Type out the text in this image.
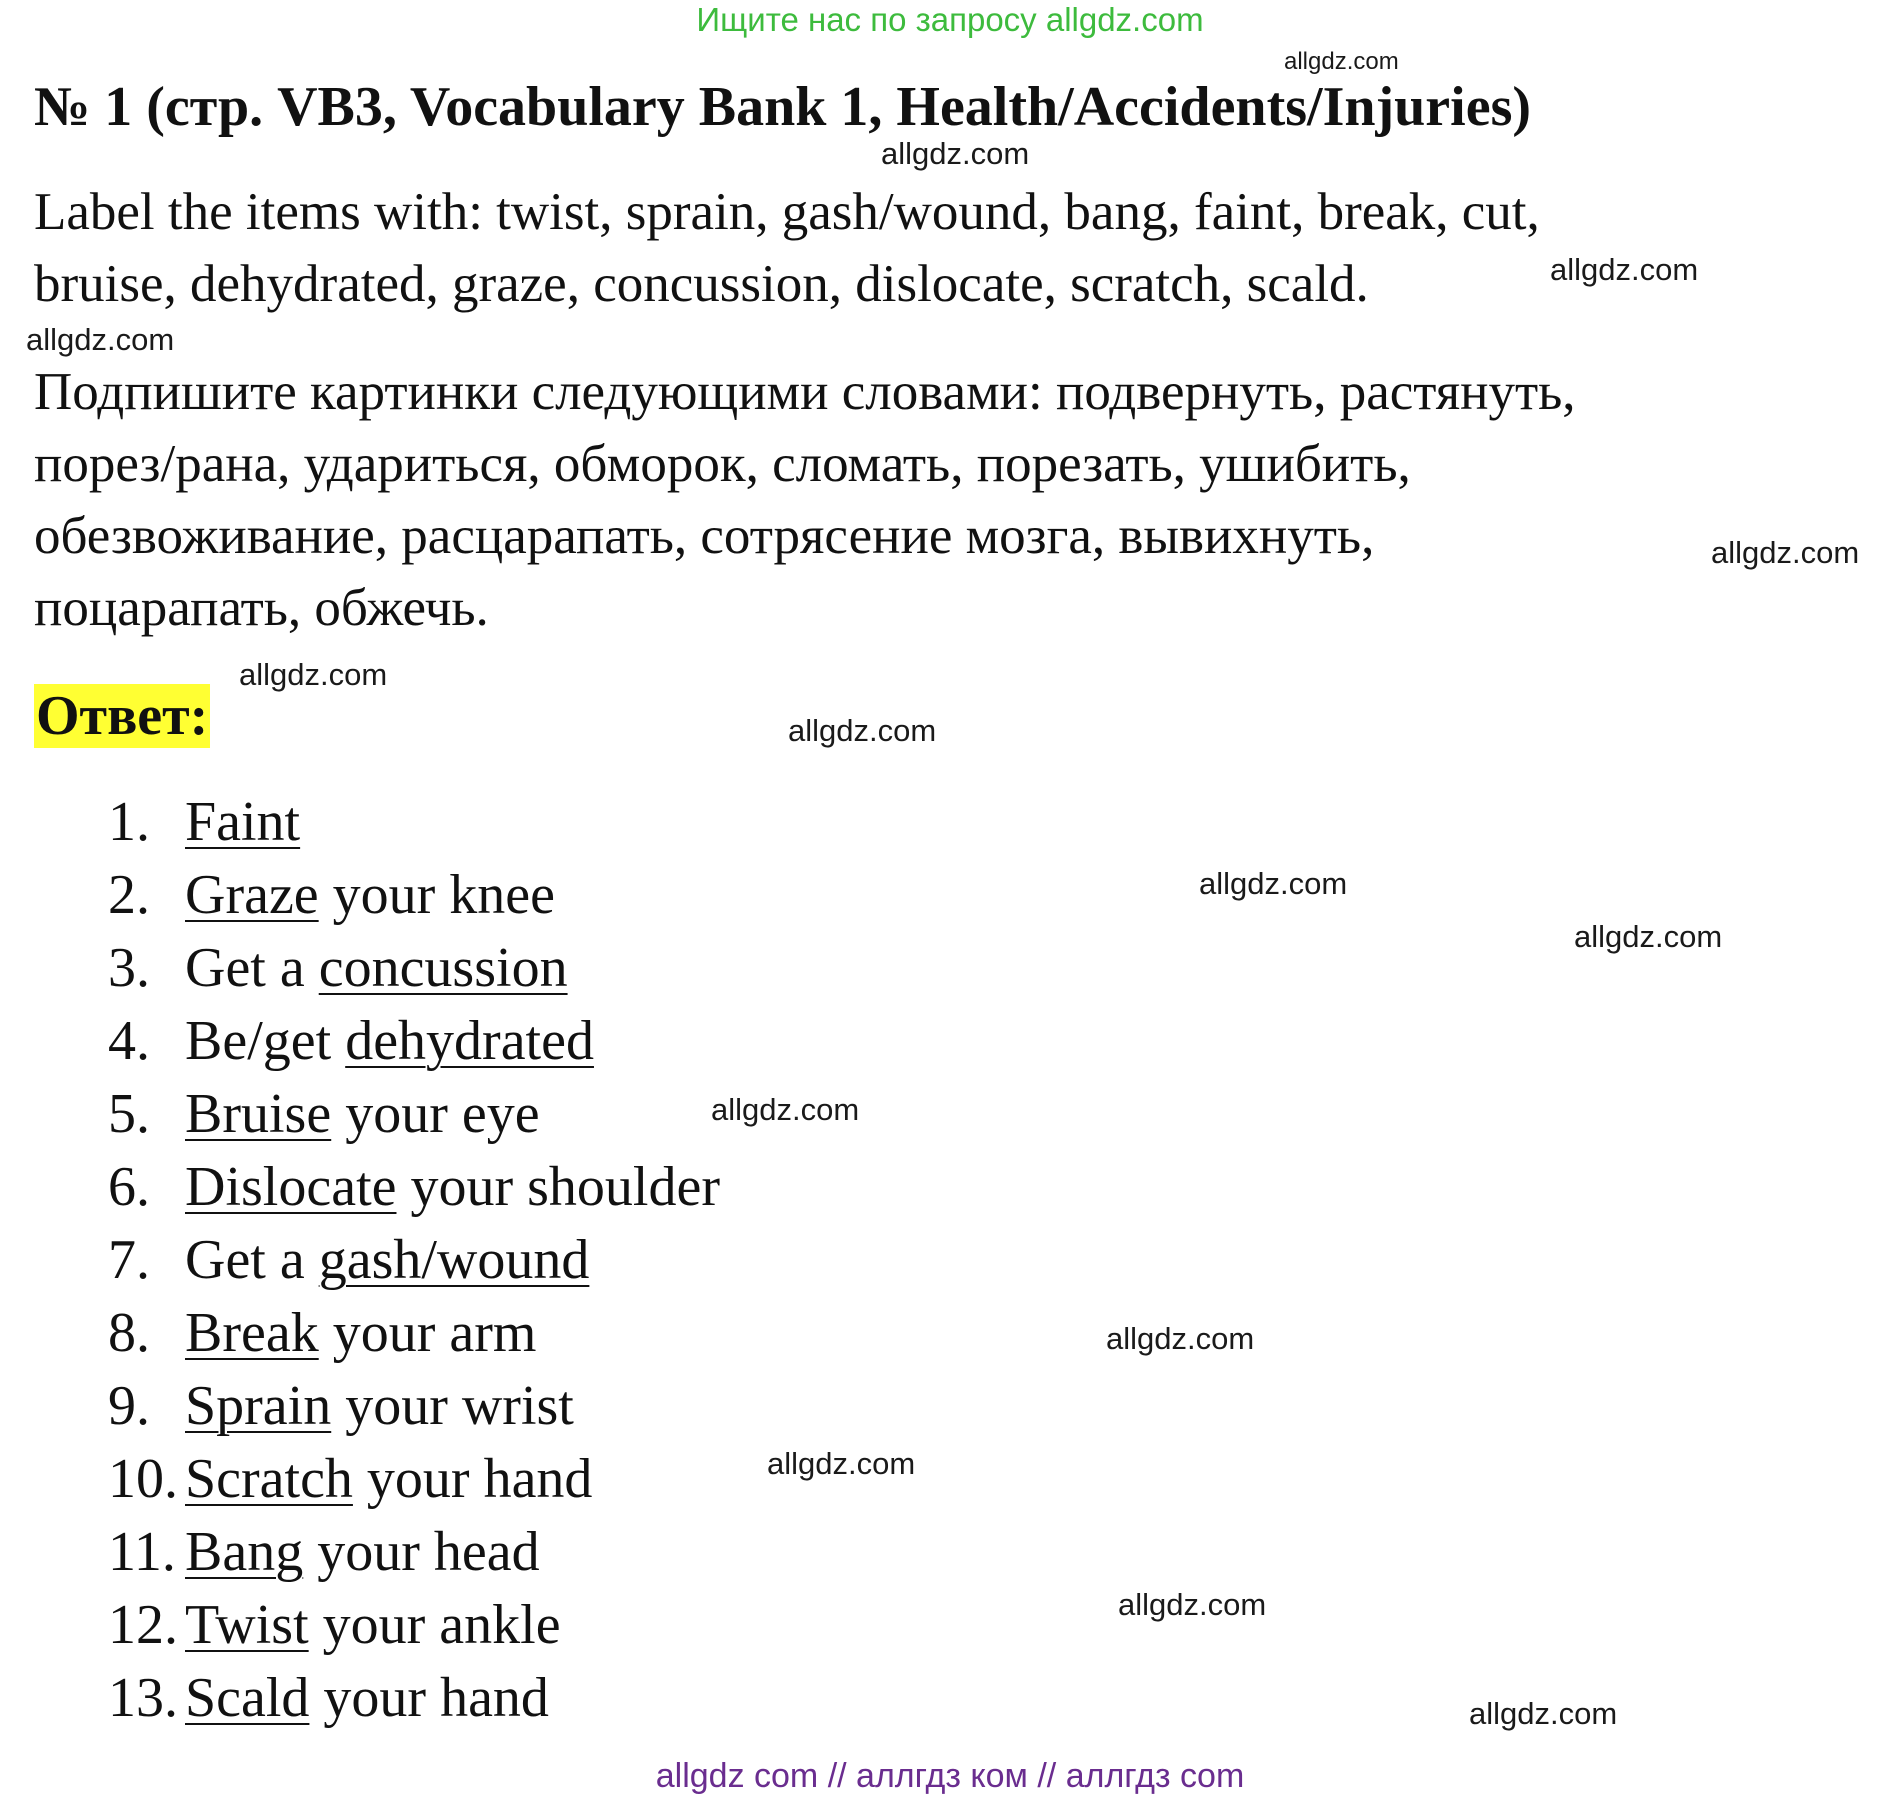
Ищите нас по запросу allgdz.com
№ 1 (стр. VB3, Vocabulary Bank 1, Health/Accidents/Injuries)
Label the items with: twist, sprain, gash/wound, bang, faint, break, cut,
bruise, dehydrated, graze, concussion, dislocate, scratch, scald.
Подпишите картинки следующими словами: подвернуть, растянуть,
порез/рана, удариться, обморок, сломать, порезать, ушибить,
обезвоживание, расцарапать, сотрясение мозга, вывихнуть,
поцарапать, обжечь.
Ответ:
1. Faint
2. Graze your knee
3. Get a concussion
4. Be/get dehydrated
5. Bruise your eye
6. Dislocate your shoulder
7. Get a gash/wound
8. Break your arm
9. Sprain your wrist
10. Scratch your hand
11. Bang your head
12. Twist your ankle
13. Scald your hand
allgdz.com
allgdz.com
allgdz.com
allgdz.com
allgdz.com
allgdz.com
allgdz.com
allgdz.com
allgdz.com
allgdz.com
allgdz.com
allgdz.com
allgdz.com
allgdz.com
allgdz com // аллгдз ком // аллгдз com
